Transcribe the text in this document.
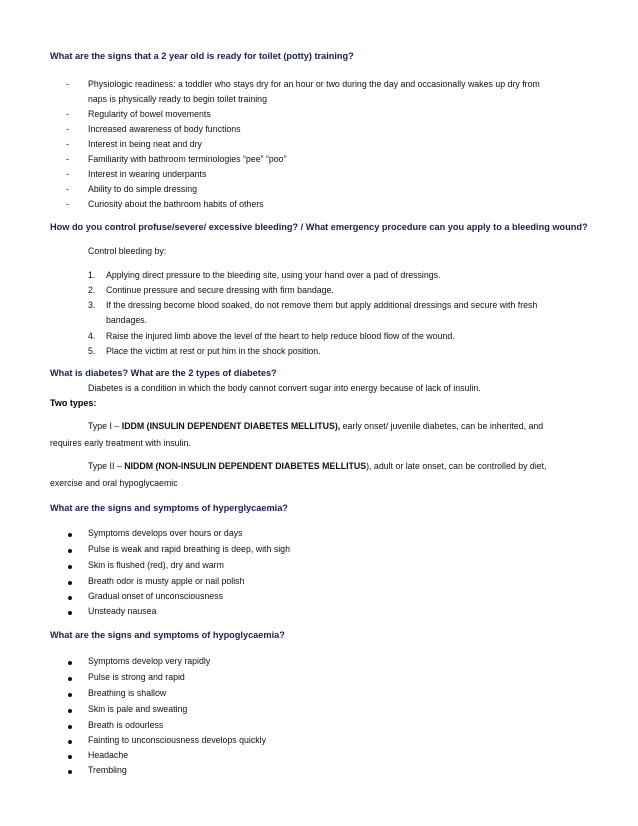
What are the signs that a 2 year old is ready for toilet (potty) training?
- Physiologic readiness: a toddler who stays dry for an hour or two during the day and occasionally wakes up dry from
naps is physically ready to begin toilet training
- Regularity of bowel movements
- Increased awareness of body functions
- Interest in being neat and dry
- Familiarity with bathroom terminologies “pee” “poo”
- Interest in wearing underpants
- Ability to do simple dressing
- Curiosity about the bathroom habits of others
How do you control profuse/severe/ excessive bleeding? / What emergency procedure can you apply to a bleeding wound?
Control bleeding by:
1. Applying direct pressure to the bleeding site, using your hand over a pad of dressings.
2. Continue pressure and secure dressing with firm bandage.
3. If the dressing become blood soaked, do not remove them but apply additional dressings and secure with fresh
bandages.
4. Raise the injured limb above the level of the heart to help reduce blood flow of the wound.
5. Place the victim at rest or put him in the shock position.
What is diabetes? What are the 2 types of diabetes?
Diabetes is a condition in which the body cannot convert sugar into energy because of lack of insulin.
Two types:
Type I – IDDM (INSULIN DEPENDENT DIABETES MELLITUS), early onset/ juvenile diabetes, can be inherited, and
requires early treatment with insulin.
Type II – NIDDM (NON-INSULIN DEPENDENT DIABETES MELLITUS), adult or late onset, can be controlled by diet,
exercise and oral hypoglycaemic
What are the signs and symptoms of hyperglycaemia?
Symptoms develops over hours or days
Pulse is weak and rapid breathing is deep, with sigh
Skin is flushed (red), dry and warm
Breath odor is musty apple or nail polish
Gradual onset of unconsciousness
Unsteady nausea
What are the signs and symptoms of hypoglycaemia?
Symptoms develop very rapidly
Pulse is strong and rapid
Breathing is shallow
Skin is pale and sweating
Breath is odourless
Fainting to unconsciousness develops quickly
Headache
Trembling
